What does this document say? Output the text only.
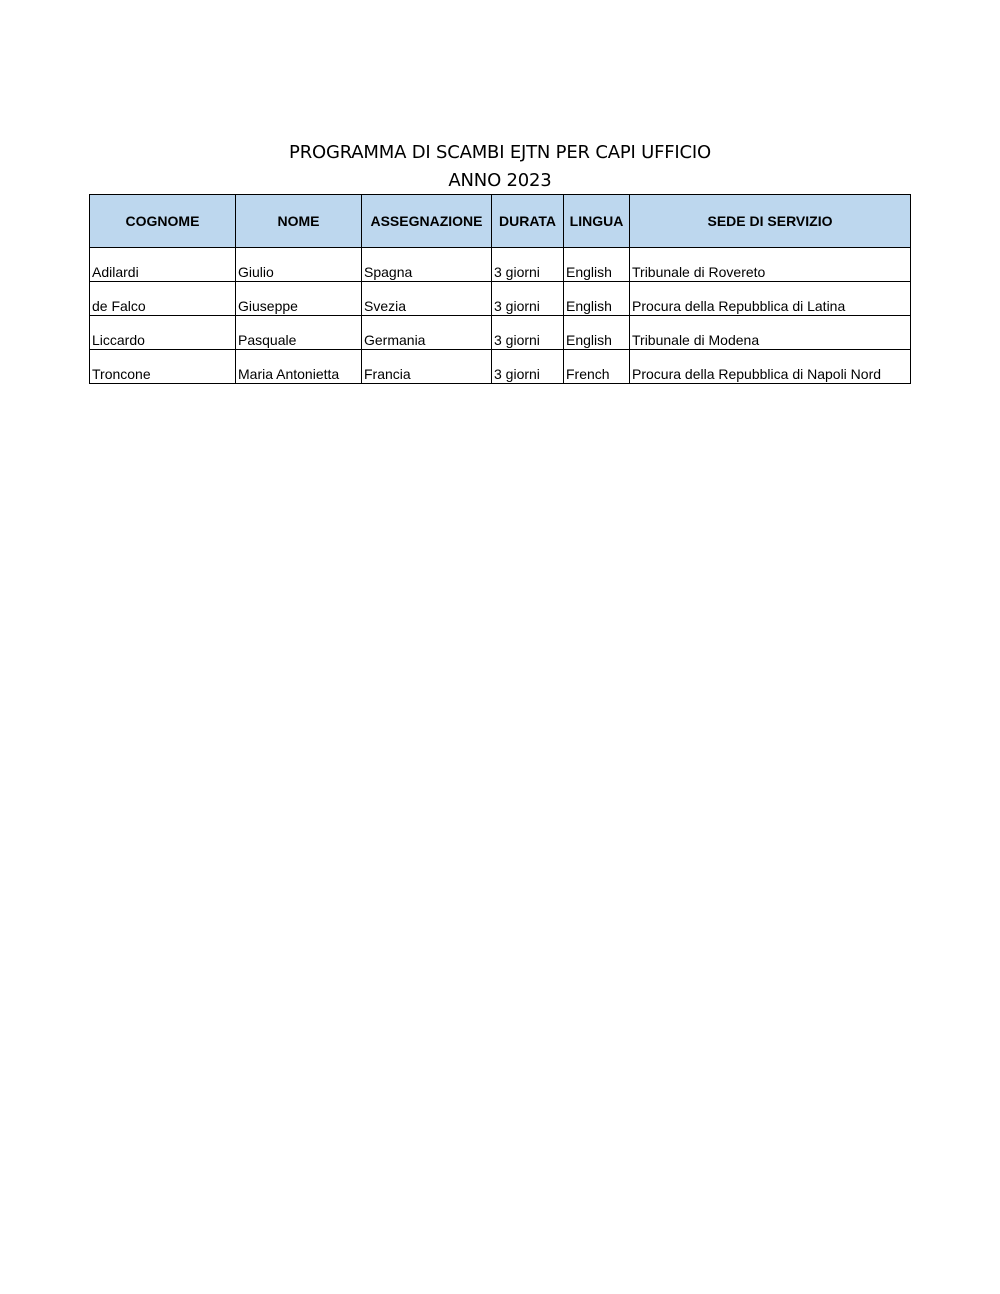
PROGRAMMA DI SCAMBI EJTN PER CAPI UFFICIO
ANNO 2023
COGNOME	NOME	ASSEGNAZIONE	DURATA	LINGUA	SEDE DI SERVIZIO
Adilardi	Giulio	Spagna	3 giorni	English	Tribunale di Rovereto
de Falco	Giuseppe	Svezia	3 giorni	English	Procura della Repubblica di Latina
Liccardo	Pasquale	Germania	3 giorni	English	Tribunale di Modena
Troncone	Maria Antonietta	Francia	3 giorni	French	Procura della Repubblica di Napoli Nord
